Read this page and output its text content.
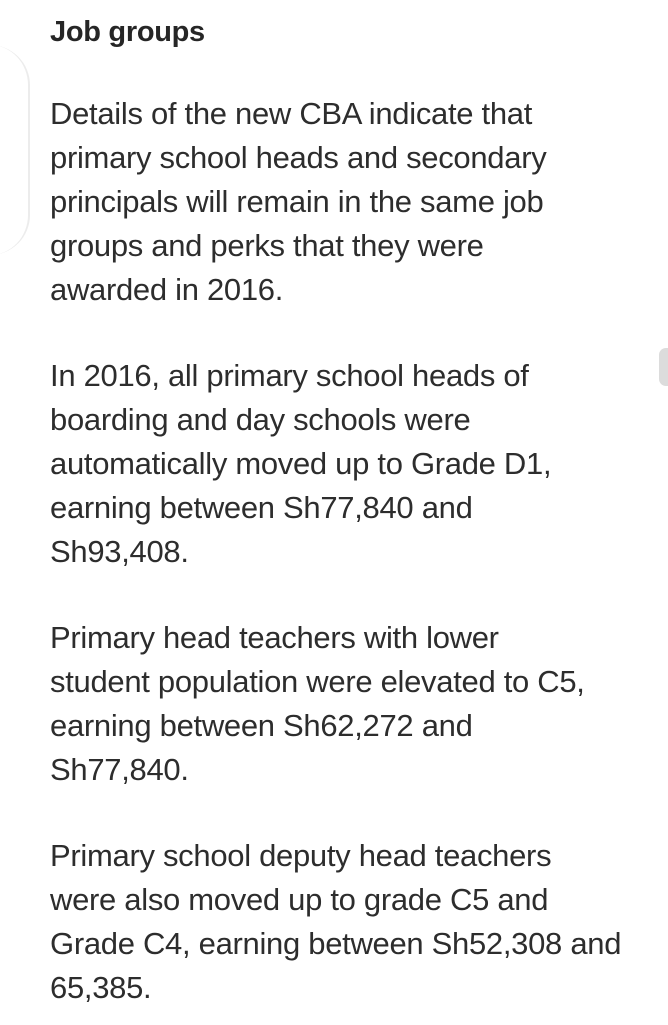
Job groups

Details of the new CBA indicate that
primary school heads and secondary
principals will remain in the same job
groups and perks that they were
awarded in 2016.

In 2016, all primary school heads of
boarding and day schools were
automatically moved up to Grade D1,
earning between Sh77,840 and
Sh93,408.

Primary head teachers with lower
student population were elevated to C5,
earning between Sh62,272 and
Sh77,840.

Primary school deputy head teachers
were also moved up to grade C5 and
Grade C4, earning between Sh52,308 and
65,385.
